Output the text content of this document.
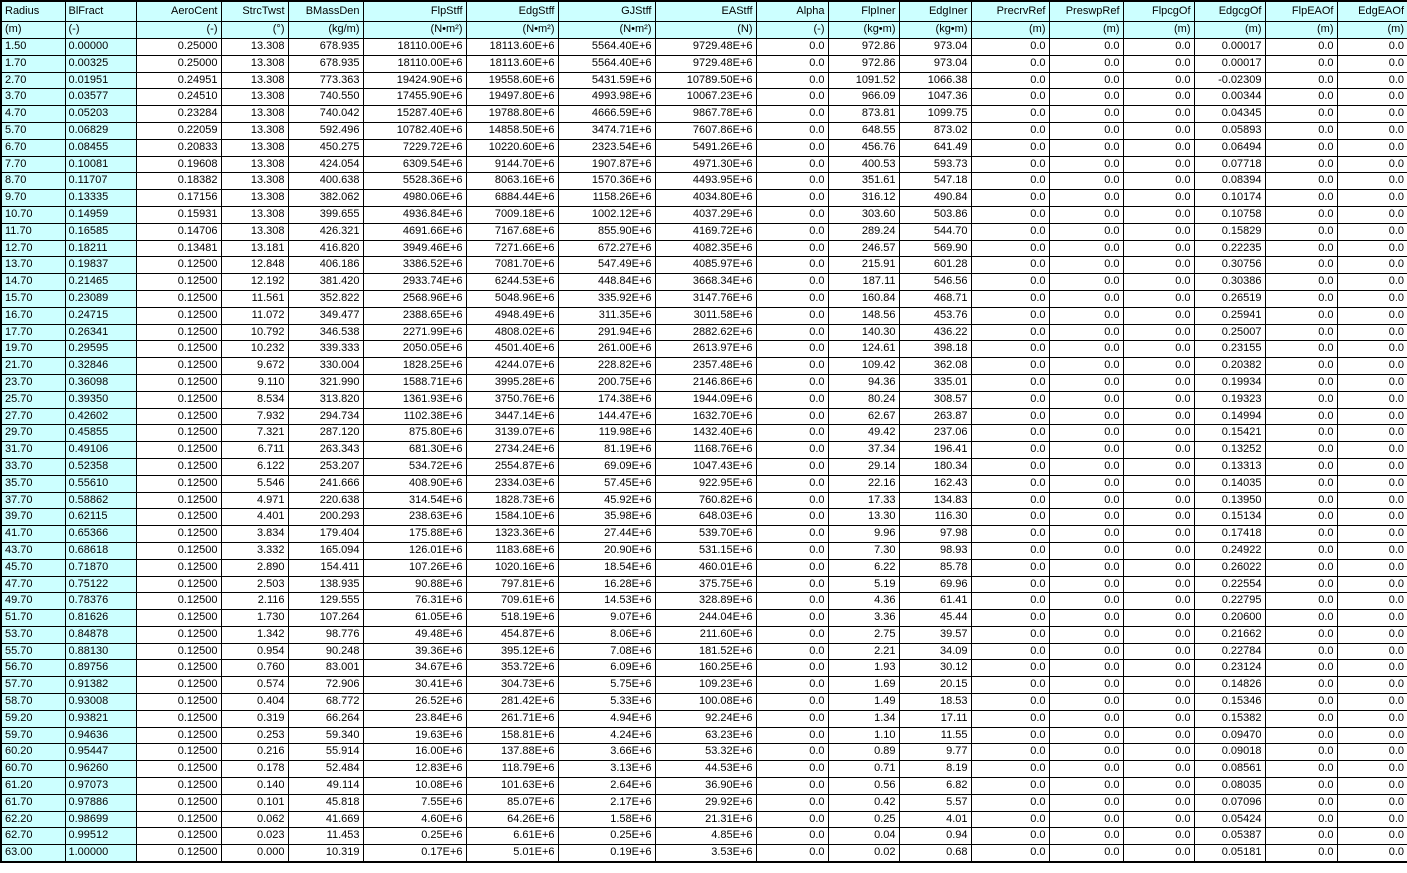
Radius	BlFract	AeroCent	StrcTwst	BMassDen	FlpStff	EdgStff	GJStff	EAStff	Alpha	FlpIner	EdgIner	PrecrvRef	PreswpRef	FlpcgOf	EdgcgOf	FlpEAOf	EdgEAOf
(m)	(-)	(-)	(°)	(kg/m)	(N•m²)	(N•m²)	(N•m²)	(N)	(-)	(kg•m)	(kg•m)	(m)	(m)	(m)	(m)	(m)	(m)
1.50	0.00000	0.25000	13.308	678.935	18110.00E+6	18113.60E+6	5564.40E+6	9729.48E+6	0.0	972.86	973.04	0.0	0.0	0.0	0.00017	0.0	0.0
1.70	0.00325	0.25000	13.308	678.935	18110.00E+6	18113.60E+6	5564.40E+6	9729.48E+6	0.0	972.86	973.04	0.0	0.0	0.0	0.00017	0.0	0.0
2.70	0.01951	0.24951	13.308	773.363	19424.90E+6	19558.60E+6	5431.59E+6	10789.50E+6	0.0	1091.52	1066.38	0.0	0.0	0.0	-0.02309	0.0	0.0
3.70	0.03577	0.24510	13.308	740.550	17455.90E+6	19497.80E+6	4993.98E+6	10067.23E+6	0.0	966.09	1047.36	0.0	0.0	0.0	0.00344	0.0	0.0
4.70	0.05203	0.23284	13.308	740.042	15287.40E+6	19788.80E+6	4666.59E+6	9867.78E+6	0.0	873.81	1099.75	0.0	0.0	0.0	0.04345	0.0	0.0
5.70	0.06829	0.22059	13.308	592.496	10782.40E+6	14858.50E+6	3474.71E+6	7607.86E+6	0.0	648.55	873.02	0.0	0.0	0.0	0.05893	0.0	0.0
6.70	0.08455	0.20833	13.308	450.275	7229.72E+6	10220.60E+6	2323.54E+6	5491.26E+6	0.0	456.76	641.49	0.0	0.0	0.0	0.06494	0.0	0.0
7.70	0.10081	0.19608	13.308	424.054	6309.54E+6	9144.70E+6	1907.87E+6	4971.30E+6	0.0	400.53	593.73	0.0	0.0	0.0	0.07718	0.0	0.0
8.70	0.11707	0.18382	13.308	400.638	5528.36E+6	8063.16E+6	1570.36E+6	4493.95E+6	0.0	351.61	547.18	0.0	0.0	0.0	0.08394	0.0	0.0
9.70	0.13335	0.17156	13.308	382.062	4980.06E+6	6884.44E+6	1158.26E+6	4034.80E+6	0.0	316.12	490.84	0.0	0.0	0.0	0.10174	0.0	0.0
10.70	0.14959	0.15931	13.308	399.655	4936.84E+6	7009.18E+6	1002.12E+6	4037.29E+6	0.0	303.60	503.86	0.0	0.0	0.0	0.10758	0.0	0.0
11.70	0.16585	0.14706	13.308	426.321	4691.66E+6	7167.68E+6	855.90E+6	4169.72E+6	0.0	289.24	544.70	0.0	0.0	0.0	0.15829	0.0	0.0
12.70	0.18211	0.13481	13.181	416.820	3949.46E+6	7271.66E+6	672.27E+6	4082.35E+6	0.0	246.57	569.90	0.0	0.0	0.0	0.22235	0.0	0.0
13.70	0.19837	0.12500	12.848	406.186	3386.52E+6	7081.70E+6	547.49E+6	4085.97E+6	0.0	215.91	601.28	0.0	0.0	0.0	0.30756	0.0	0.0
14.70	0.21465	0.12500	12.192	381.420	2933.74E+6	6244.53E+6	448.84E+6	3668.34E+6	0.0	187.11	546.56	0.0	0.0	0.0	0.30386	0.0	0.0
15.70	0.23089	0.12500	11.561	352.822	2568.96E+6	5048.96E+6	335.92E+6	3147.76E+6	0.0	160.84	468.71	0.0	0.0	0.0	0.26519	0.0	0.0
16.70	0.24715	0.12500	11.072	349.477	2388.65E+6	4948.49E+6	311.35E+6	3011.58E+6	0.0	148.56	453.76	0.0	0.0	0.0	0.25941	0.0	0.0
17.70	0.26341	0.12500	10.792	346.538	2271.99E+6	4808.02E+6	291.94E+6	2882.62E+6	0.0	140.30	436.22	0.0	0.0	0.0	0.25007	0.0	0.0
19.70	0.29595	0.12500	10.232	339.333	2050.05E+6	4501.40E+6	261.00E+6	2613.97E+6	0.0	124.61	398.18	0.0	0.0	0.0	0.23155	0.0	0.0
21.70	0.32846	0.12500	9.672	330.004	1828.25E+6	4244.07E+6	228.82E+6	2357.48E+6	0.0	109.42	362.08	0.0	0.0	0.0	0.20382	0.0	0.0
23.70	0.36098	0.12500	9.110	321.990	1588.71E+6	3995.28E+6	200.75E+6	2146.86E+6	0.0	94.36	335.01	0.0	0.0	0.0	0.19934	0.0	0.0
25.70	0.39350	0.12500	8.534	313.820	1361.93E+6	3750.76E+6	174.38E+6	1944.09E+6	0.0	80.24	308.57	0.0	0.0	0.0	0.19323	0.0	0.0
27.70	0.42602	0.12500	7.932	294.734	1102.38E+6	3447.14E+6	144.47E+6	1632.70E+6	0.0	62.67	263.87	0.0	0.0	0.0	0.14994	0.0	0.0
29.70	0.45855	0.12500	7.321	287.120	875.80E+6	3139.07E+6	119.98E+6	1432.40E+6	0.0	49.42	237.06	0.0	0.0	0.0	0.15421	0.0	0.0
31.70	0.49106	0.12500	6.711	263.343	681.30E+6	2734.24E+6	81.19E+6	1168.76E+6	0.0	37.34	196.41	0.0	0.0	0.0	0.13252	0.0	0.0
33.70	0.52358	0.12500	6.122	253.207	534.72E+6	2554.87E+6	69.09E+6	1047.43E+6	0.0	29.14	180.34	0.0	0.0	0.0	0.13313	0.0	0.0
35.70	0.55610	0.12500	5.546	241.666	408.90E+6	2334.03E+6	57.45E+6	922.95E+6	0.0	22.16	162.43	0.0	0.0	0.0	0.14035	0.0	0.0
37.70	0.58862	0.12500	4.971	220.638	314.54E+6	1828.73E+6	45.92E+6	760.82E+6	0.0	17.33	134.83	0.0	0.0	0.0	0.13950	0.0	0.0
39.70	0.62115	0.12500	4.401	200.293	238.63E+6	1584.10E+6	35.98E+6	648.03E+6	0.0	13.30	116.30	0.0	0.0	0.0	0.15134	0.0	0.0
41.70	0.65366	0.12500	3.834	179.404	175.88E+6	1323.36E+6	27.44E+6	539.70E+6	0.0	9.96	97.98	0.0	0.0	0.0	0.17418	0.0	0.0
43.70	0.68618	0.12500	3.332	165.094	126.01E+6	1183.68E+6	20.90E+6	531.15E+6	0.0	7.30	98.93	0.0	0.0	0.0	0.24922	0.0	0.0
45.70	0.71870	0.12500	2.890	154.411	107.26E+6	1020.16E+6	18.54E+6	460.01E+6	0.0	6.22	85.78	0.0	0.0	0.0	0.26022	0.0	0.0
47.70	0.75122	0.12500	2.503	138.935	90.88E+6	797.81E+6	16.28E+6	375.75E+6	0.0	5.19	69.96	0.0	0.0	0.0	0.22554	0.0	0.0
49.70	0.78376	0.12500	2.116	129.555	76.31E+6	709.61E+6	14.53E+6	328.89E+6	0.0	4.36	61.41	0.0	0.0	0.0	0.22795	0.0	0.0
51.70	0.81626	0.12500	1.730	107.264	61.05E+6	518.19E+6	9.07E+6	244.04E+6	0.0	3.36	45.44	0.0	0.0	0.0	0.20600	0.0	0.0
53.70	0.84878	0.12500	1.342	98.776	49.48E+6	454.87E+6	8.06E+6	211.60E+6	0.0	2.75	39.57	0.0	0.0	0.0	0.21662	0.0	0.0
55.70	0.88130	0.12500	0.954	90.248	39.36E+6	395.12E+6	7.08E+6	181.52E+6	0.0	2.21	34.09	0.0	0.0	0.0	0.22784	0.0	0.0
56.70	0.89756	0.12500	0.760	83.001	34.67E+6	353.72E+6	6.09E+6	160.25E+6	0.0	1.93	30.12	0.0	0.0	0.0	0.23124	0.0	0.0
57.70	0.91382	0.12500	0.574	72.906	30.41E+6	304.73E+6	5.75E+6	109.23E+6	0.0	1.69	20.15	0.0	0.0	0.0	0.14826	0.0	0.0
58.70	0.93008	0.12500	0.404	68.772	26.52E+6	281.42E+6	5.33E+6	100.08E+6	0.0	1.49	18.53	0.0	0.0	0.0	0.15346	0.0	0.0
59.20	0.93821	0.12500	0.319	66.264	23.84E+6	261.71E+6	4.94E+6	92.24E+6	0.0	1.34	17.11	0.0	0.0	0.0	0.15382	0.0	0.0
59.70	0.94636	0.12500	0.253	59.340	19.63E+6	158.81E+6	4.24E+6	63.23E+6	0.0	1.10	11.55	0.0	0.0	0.0	0.09470	0.0	0.0
60.20	0.95447	0.12500	0.216	55.914	16.00E+6	137.88E+6	3.66E+6	53.32E+6	0.0	0.89	9.77	0.0	0.0	0.0	0.09018	0.0	0.0
60.70	0.96260	0.12500	0.178	52.484	12.83E+6	118.79E+6	3.13E+6	44.53E+6	0.0	0.71	8.19	0.0	0.0	0.0	0.08561	0.0	0.0
61.20	0.97073	0.12500	0.140	49.114	10.08E+6	101.63E+6	2.64E+6	36.90E+6	0.0	0.56	6.82	0.0	0.0	0.0	0.08035	0.0	0.0
61.70	0.97886	0.12500	0.101	45.818	7.55E+6	85.07E+6	2.17E+6	29.92E+6	0.0	0.42	5.57	0.0	0.0	0.0	0.07096	0.0	0.0
62.20	0.98699	0.12500	0.062	41.669	4.60E+6	64.26E+6	1.58E+6	21.31E+6	0.0	0.25	4.01	0.0	0.0	0.0	0.05424	0.0	0.0
62.70	0.99512	0.12500	0.023	11.453	0.25E+6	6.61E+6	0.25E+6	4.85E+6	0.0	0.04	0.94	0.0	0.0	0.0	0.05387	0.0	0.0
63.00	1.00000	0.12500	0.000	10.319	0.17E+6	5.01E+6	0.19E+6	3.53E+6	0.0	0.02	0.68	0.0	0.0	0.0	0.05181	0.0	0.0
